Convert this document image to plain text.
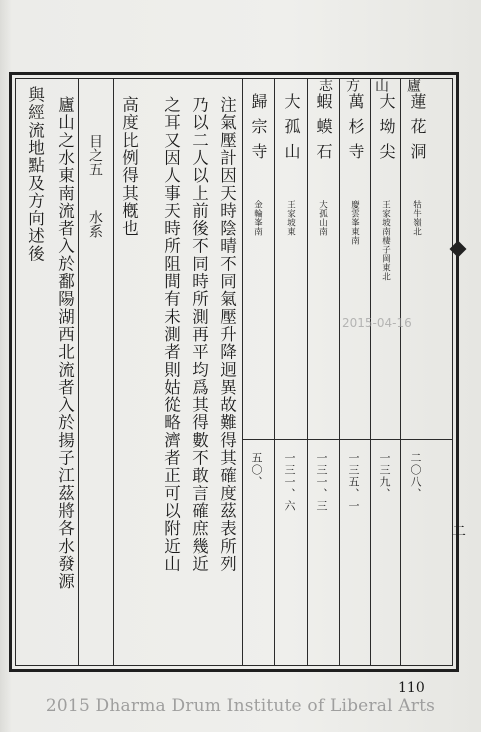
廬
山
方
志
二
蓮花洞
牯牛嶺北
二〇八、
大坳尖
王家坡南棲子岡東北
一三九、
萬杉寺
慶雲峯東南
一三五、一
蝦蟆石
大孤山南
一三一、三
大孤山
王家坡東
一三一、六
歸宗寺
金輪峯南
五〇、
注氣壓計因天時陰晴不同氣壓升降迥異故難得其確度茲表所列
乃以二人以上前後不同時所測再平均爲其得數不敢言確庶幾近
之耳又因人事天時所阻間有未測者則姑從略濟者正可以附近山
高度比例得其槪也
目之五
水系
廬山之水東南流者入於鄱陽湖西北流者入於揚子江茲將各水發源
與經流地點及方向述後
2015-04-16
110
2015 Dharma Drum Institute of Liberal Arts
